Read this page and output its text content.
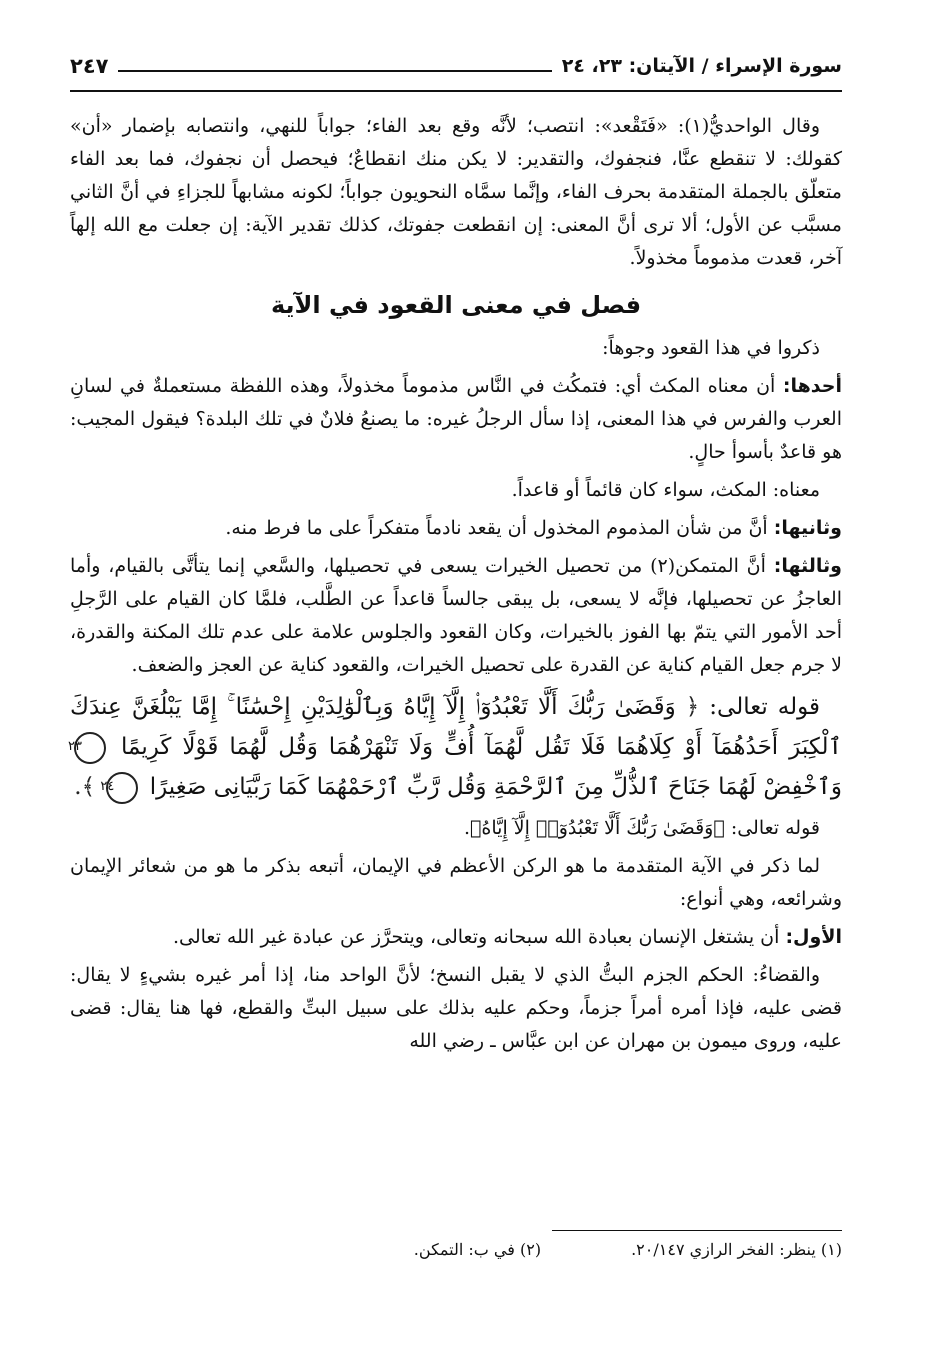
سورة الإسراء / الآيتان: ٢٣، ٢٤
٢٤٧

وقال الواحديُّ(١): «فَتَقْعد»: انتصب؛ لأنَّه وقع بعد الفاء؛ جواباً للنهي، وانتصابه بإضمار «أن» كقولك: لا تنقطع عنَّا، فنجفوك، والتقدير: لا يكن منك انقطاعٌ؛ فيحصل أن نجفوك، فما بعد الفاء متعلّق بالجملة المتقدمة بحرف الفاء، وإنَّما سمَّاه النحويون جواباً؛ لكونه مشابهاً للجزاءِ في أنَّ الثاني مسبَّب عن الأول؛ ألا ترى أنَّ المعنى: إن انقطعت جفوتك، كذلك تقدير الآية: إن جعلت مع الله إلهاً آخر، قعدت مذموماً مخذولاً.

فصل في معنى القعود في الآية

ذكروا في هذا القعود وجوهاً:

أحدها: أن معناه المكث أي: فتمكُث في النَّاس مذموماً مخذولاً، وهذه اللفظة مستعملةٌ في لسانِ العرب والفرس في هذا المعنى، إذا سأل الرجلُ غيره: ما يصنعُ فلانٌ في تلك البلدة؟ فيقول المجيب: هو قاعدٌ بأسوأ حالٍ.

معناه: المكث، سواء كان قائماً أو قاعداً.

وثانيها: أنَّ من شأن المذموم المخذول أن يقعد نادماً متفكراً على ما فرط منه.

وثالثها: أنَّ المتمكن(٢) من تحصيل الخيرات يسعى في تحصيلها، والسَّعي إنما يتأتَّى بالقيام، وأما العاجزُ عن تحصيلها، فإنَّه لا يسعى، بل يبقى جالساً قاعداً عن الطَّلب، فلمَّا كان القيام على الرَّجلِ أحد الأمور التي يتمّ بها الفوز بالخيرات، وكان القعود والجلوس علامة على عدم تلك المكنة والقدرة، لا جرم جعل القيام كناية عن القدرة على تحصيل الخيرات، والقعود كناية عن العجز والضعف.

قوله تعالى: ﴿ وَقَضَىٰ رَبُّكَ أَلَّا تَعْبُدُوٓا۟ إِلَّآ إِيَّاهُ وَبِٱلْوَٰلِدَيْنِ إِحْسَٰنًا ۚ إِمَّا يَبْلُغَنَّ عِندَكَ ٱلْكِبَرَ أَحَدُهُمَآ أَوْ كِلَاهُمَا فَلَا تَقُل لَّهُمَآ أُفٍّ وَلَا تَنْهَرْهُمَا وَقُل لَّهُمَا قَوْلًا كَرِيمًا ٢٣ وَٱخْفِضْ لَهُمَا جَنَاحَ ٱلذُّلِّ مِنَ ٱلرَّحْمَةِ وَقُل رَّبِّ ٱرْحَمْهُمَا كَمَا رَبَّيَانِى صَغِيرًا ٢٤ ﴾.

قوله تعالى: ﴿وَقَضَىٰ رَبُّكَ أَلَّا تَعْبُدُوٓا۟ إِلَّآ إِيَّاهُ﴾.

لما ذكر في الآية المتقدمة ما هو الركن الأعظم في الإيمان، أتبعه بذكر ما هو من شعائر الإيمان وشرائعه، وهي أنواع:

الأول: أن يشتغل الإنسان بعبادة الله سبحانه وتعالى، ويتحرَّز عن عبادة غير الله تعالى.

والقضاءُ: الحكم الجزم البتُّ الذي لا يقبل النسخ؛ لأنَّ الواحد منا، إذا أمر غيره بشيءٍ لا يقال: قضى عليه، فإذا أمره أمراً جزماً، وحكم عليه بذلك على سبيل البتِّ والقطع، فها هنا يقال: قضى عليه، وروى ميمون بن مهران عن ابن عبَّاس ـ رضي الله

(١) ينظر: الفخر الرازي ٢٠/١٤٧.
(٢) في ب: التمكن.
